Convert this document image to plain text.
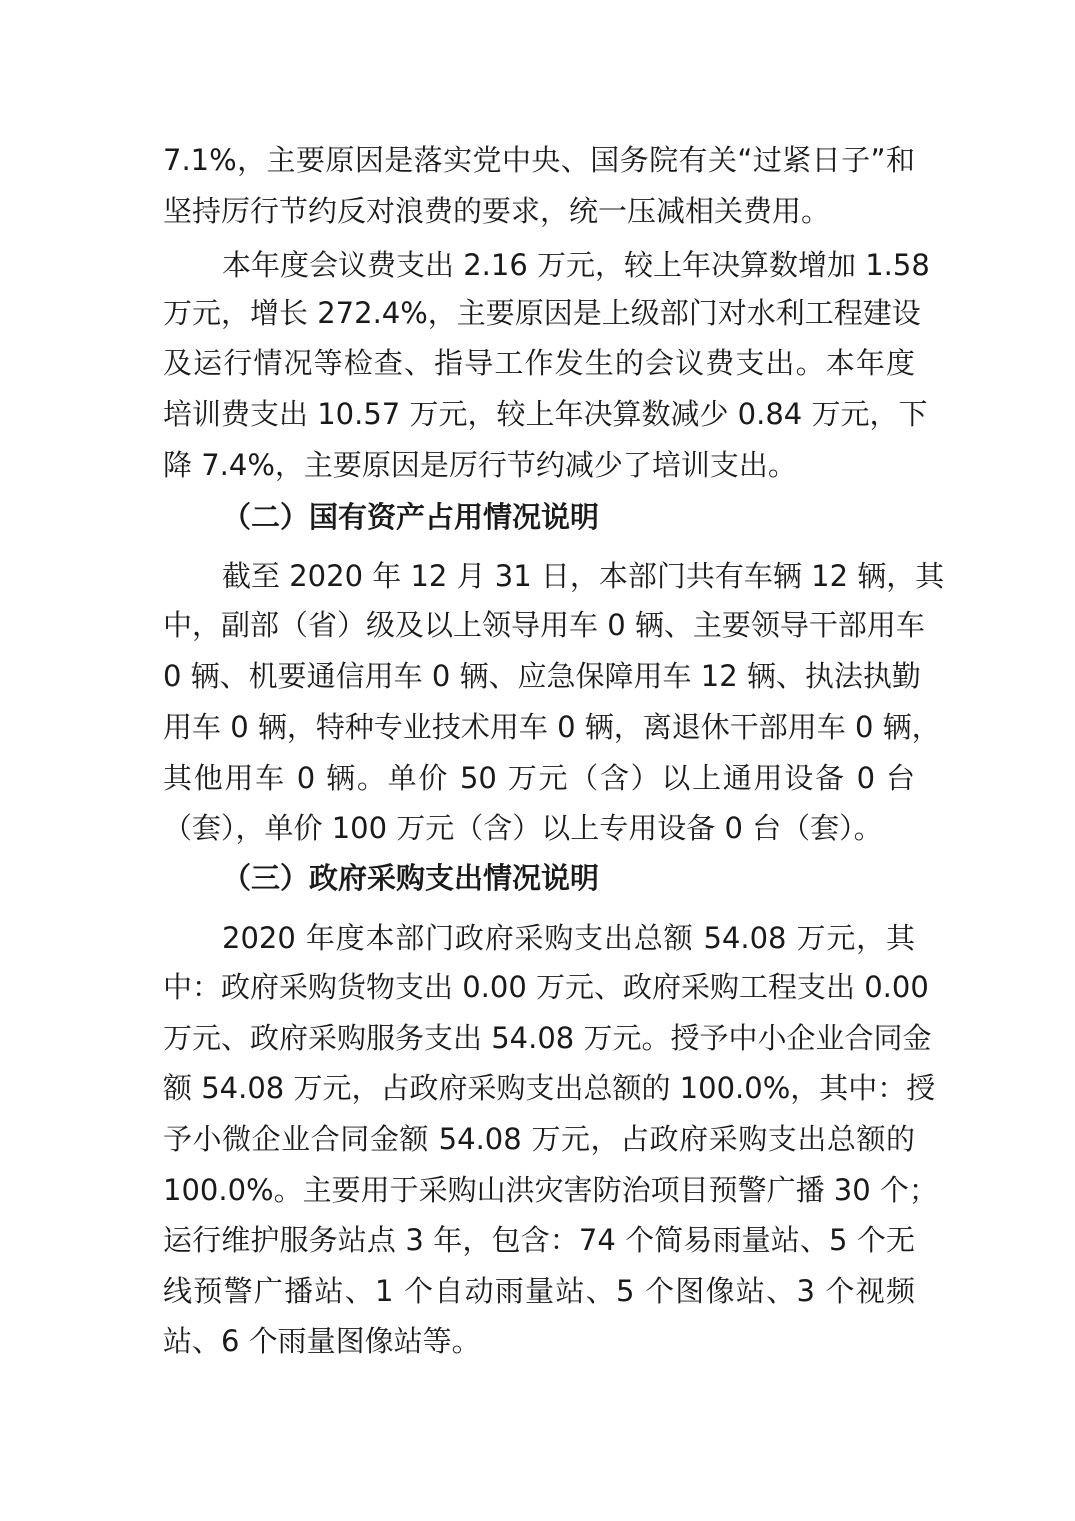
7.1%，主要原因是落实党中央、国务院有关“过紧日子”和
坚持厉行节约反对浪费的要求，统一压减相关费用。
本年度会议费支出 2.16 万元，较上年决算数增加 1.58
万元，增长 272.4%，主要原因是上级部门对水利工程建设
及运行情况等检查、指导工作发生的会议费支出。本年度
培训费支出 10.57 万元，较上年决算数减少 0.84 万元，下
降 7.4%，主要原因是厉行节约减少了培训支出。
（二）国有资产占用情况说明
截至 2020 年 12 月 31 日，本部门共有车辆 12 辆，其
中，副部（省）级及以上领导用车 0 辆、主要领导干部用车
0 辆、机要通信用车 0 辆、应急保障用车 12 辆、执法执勤
用车 0 辆，特种专业技术用车 0 辆，离退休干部用车 0 辆，
其他用车 0 辆。单价 50 万元（含）以上通用设备 0 台
（套），单价 100 万元（含）以上专用设备 0 台（套）。
（三）政府采购支出情况说明
2020 年度本部门政府采购支出总额 54.08 万元，其
中：政府采购货物支出 0.00 万元、政府采购工程支出 0.00
万元、政府采购服务支出 54.08 万元。授予中小企业合同金
额 54.08 万元，占政府采购支出总额的 100.0%，其中：授
予小微企业合同金额 54.08 万元，占政府采购支出总额的
100.0%。主要用于采购山洪灾害防治项目预警广播 30 个；
运行维护服务站点 3 年，包含：74 个简易雨量站、5 个无
线预警广播站、1 个自动雨量站、5 个图像站、3 个视频
站、6 个雨量图像站等。
